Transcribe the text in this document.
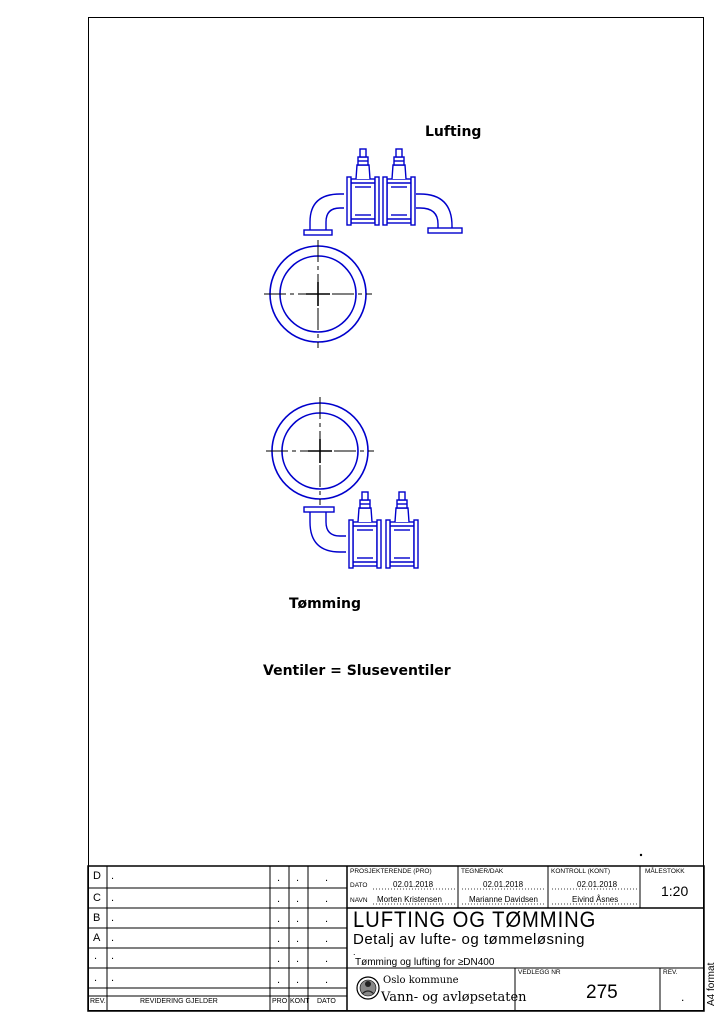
Lufting
Tømming
Ventiler = Sluseventiler
D .	. . .
C .	. . .
B .	. . .
A .	. . .
. .	. . .
. .	. . .
REV.	REVIDERING GJELDER	PRO KONT DATO
PROSJEKTERENDE (PRO)	TEGNER/DAK	KONTROLL (KONT)	MÅLESTOKK
DATO	02.01.2018	02.01.2018	02.01.2018
NAVN Morten Kristensen	Marianne Davidsen	Eivind Åsnes
1:20
LUFTING OG TØMMING
Detalj av lufte- og tømmeløsning
.
Tømming og lufting for ≥DN400
VEDLEGG NR
275
REV.
.
Oslo kommune
Vann- og avløpsetaten	A4 format
